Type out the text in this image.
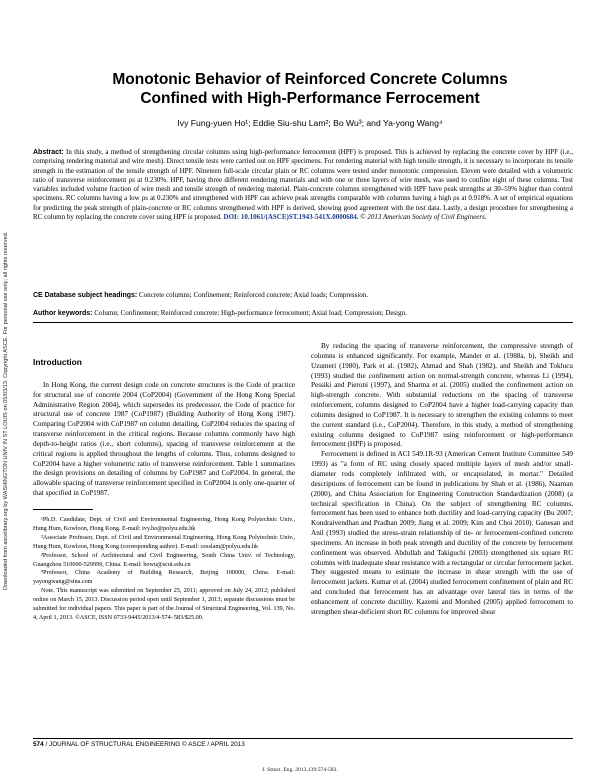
Downloaded from ascelibrary.org by WASHINGTON UNIV IN ST LOUIS on 05/03/13. Copyright ASCE. For personal use only; all rights reserved.
Monotonic Behavior of Reinforced Concrete Columns
Confined with High-Performance Ferrocement
Ivy Fung-yuen Ho¹; Eddie Siu-shu Lam²; Bo Wu³; and Ya-yong Wang⁴
Abstract: In this study, a method of strengthening circular columns using high-performance ferrocement (HPF) is proposed. This is achieved by replacing the concrete cover by HPF (i.e., comprising rendering material and wire mesh). Direct tensile tests were carried out on HPF specimens. For rendering material with high tensile strength, it is necessary to incorporate its tensile strength in the estimation of the tensile strength of HPF. Nineteen full-scale circular plain or RC columns were tested under monotonic compression. Eleven were detailed with a volumetric ratio of transverse reinforcement ρs at 0.230%. HPF, having three different rendering materials and with one or three layers of wire mesh, was used to confine eight of these columns. Test variables included volume fraction of wire mesh and tensile strength of rendering material. Plain-concrete columns strengthened with HPF have peak strengths at 30–59% higher than control specimens. RC columns having a low ρs at 0.230% and strengthened with HPF can achieve peak strengths comparable with columns having a high ρs at 0.918%. A set of empirical equations for predicting the peak strength of plain-concrete or RC columns strengthened with HPF is derived, showing good agreement with the test data. Lastly, a design procedure for strengthening a RC column by replacing the concrete cover using HPF is proposed. DOI: 10.1061/(ASCE)ST.1943-541X.0000684. © 2013 American Society of Civil Engineers.
CE Database subject headings: Concrete columns; Confinement; Reinforced concrete; Axial loads; Compression.
Author keywords: Column; Confinement; Reinforced concrete; High-performance ferrocement; Axial load; Compression; Design.
Introduction

In Hong Kong, the current design code on concrete structures is the Code of practice for structural use of concrete 2004 (CoP2004) (Government of the Hong Kong Special Administrative Region 2004), which supersedes its predecessor, the Code of practice for structural use of concrete 1987 (CoP1987) (Building Authority of Hong Kong 1987). Comparing CoP2004 with CoP1987 on column detailing, CoP2004 reduces the spacing of transverse reinforcement in the critical regions. Because columns commonly have high depth-to-height ratios (i.e., short columns), spacing of transverse reinforcement at the critical regions is applied throughout the lengths of columns. Thus, columns designed to CoP2004 have a higher volumetric ratio of transverse reinforcement. Table 1 summarizes the design provisions on detailing of columns by CoP1987 and CoP2004. In general, the allowable spacing of transverse reinforcement specified in CoP2004 is only one-quarter of that specified in CoP1987.

¹Ph.D. Candidate, Dept. of Civil and Environmental Engineering, Hong Kong Polytechnic Univ., Hung Hum, Kowloon, Hong Kong. E-mail: ivy.ho@polyu.edu.hk

²Associate Professor, Dept. of Civil and Environmental Engineering, Hong Kong Polytechnic Univ., Hung Hum, Kowloon, Hong Kong (corresponding author). E-mail: cesslam@polyu.edu.hk

³Professor, School of Architectural and Civil Engineering, South China Univ. of Technology, Guangzhou 510000-529999, China. E-mail: bowu@scut.edu.cn

⁴Professor, China Academy of Building Research, Beijing 100000, China. E-mail: yayongwang@sina.com

Note. This manuscript was submitted on September 25, 2011; approved on July 24, 2012; published online on March 15, 2013. Discussion period open until September 1, 2013; separate discussions must be submitted for individual papers. This paper is part of the Journal of Structural Engineering, Vol. 139, No. 4, April 1, 2013. ©ASCE, ISSN 0733-9445/2013/4-574–583/$25.00.

By reducing the spacing of transverse reinforcement, the compressive strength of columns is enhanced significantly. For example, Mander et al. (1988a, b), Sheikh and Uzumeri (1980), Park et al. (1982), Ahmad and Shah (1982), and Sheikh and Toklucu (1993) studied the confinement action on normal-strength concrete, whereas Li (1994), Pessiki and Pieroni (1997), and Sharma et al. (2005) studied the confinement action on high-strength concrete. With substantial reductions on the spacing of transverse reinforcement, columns designed to CoP2004 have a higher load-carrying capacity than columns designed to CoP1987. It is necessary to strengthen the existing columns to meet the current standard (i.e., CoP2004). Therefore, in this study, a method of strengthening existing columns designed to CoP1987 using reinforcement or high-performance ferrocement (HPF) is proposed.

Ferrocement is defined in ACI 549.1R-93 (American Cement Institute Committee 549 1993) as "a form of RC using closely spaced multiple layers of mesh and/or small-diameter rods completely infiltrated with, or encapsulated, in mortar." Detailed descriptions of ferrocement can be found in publications by Shah et al. (1986), Naaman (2000), and China Association for Engineering Construction Standardization (2008) (a technical specification in China). On the subject of strengthening RC columns, ferrocement has been used to enhance both ductility and load-carrying capacity (Bu 2007; Kondraivendhan and Pradhan 2009; Jiang et al. 2009; Kim and Choi 2010). Ganesan and Anil (1993) studied the stress-strain relationship of tie- or ferrocement-confined concrete specimens. An increase in both peak strength and ductility of the concrete by ferrocement confinement was observed. Abdullah and Takiguchi (2003) strengthened six square RC columns with inadequate shear resistance with a rectangular or circular ferrocement jacket. They suggested means to estimate the increase in shear strength with the use of ferrocement jackets. Kumar et al. (2004) studied ferrocement confinement of plain and RC and concluded that ferrocement has an advantage over lateral ties in terms of the enhancement of concrete ductility. Kazemi and Morshed (2005) applied ferrocement to strengthen shear-deficient short RC columns for improved shear

574 / JOURNAL OF STRUCTURAL ENGINEERING © ASCE / APRIL 2013
J. Struct. Eng. 2013.139:574-583.
